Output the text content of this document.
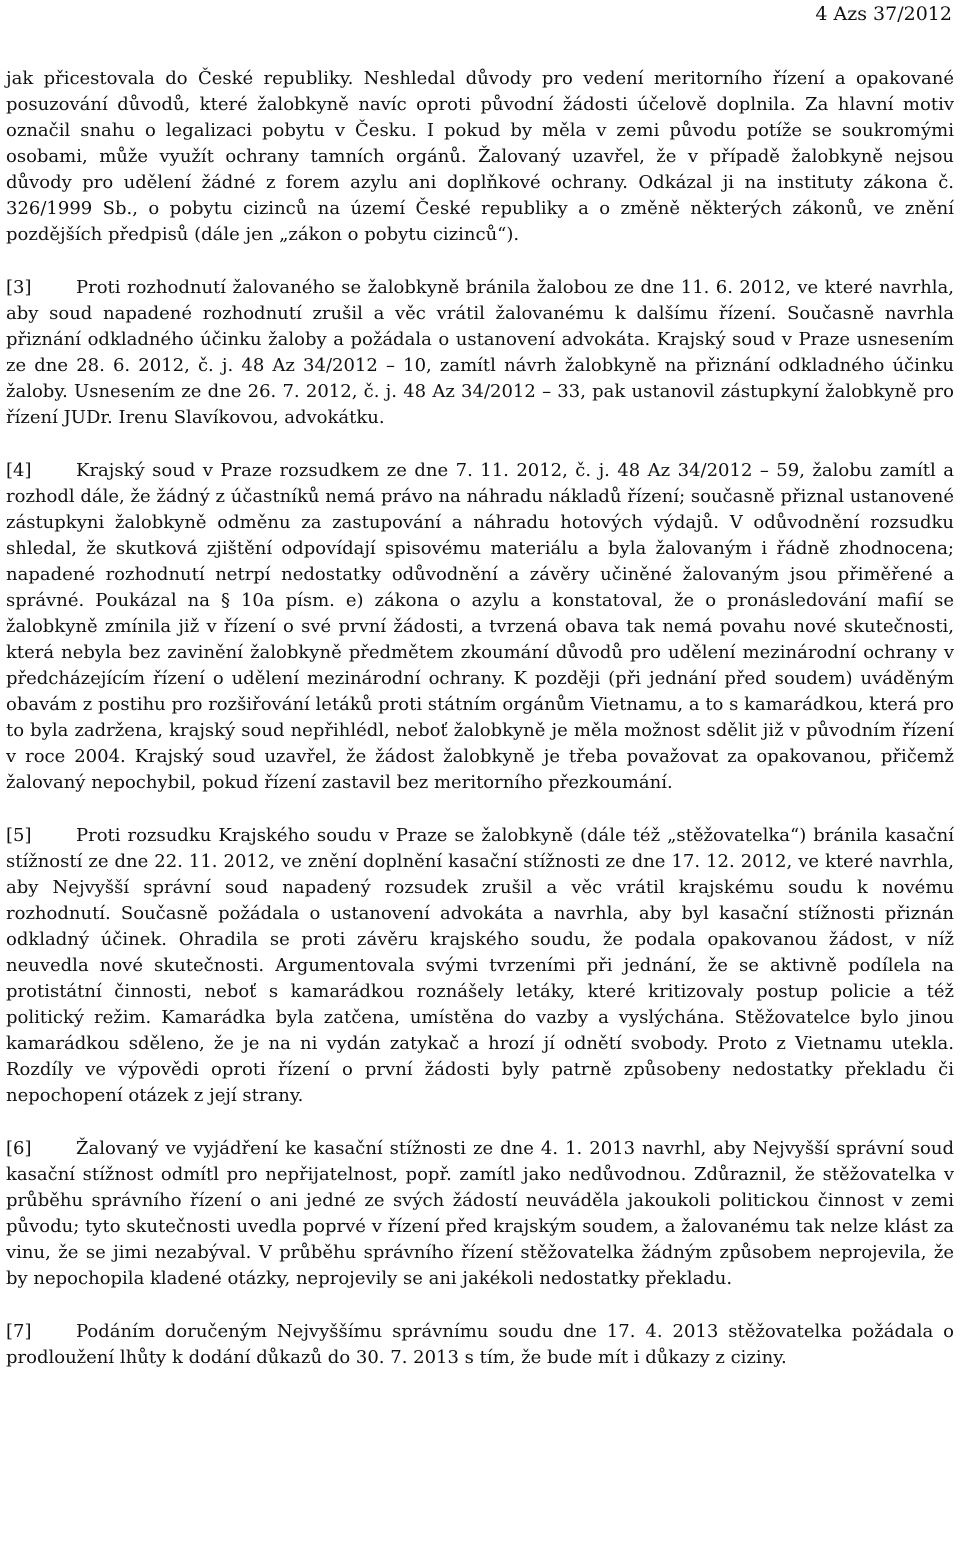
4 Azs 37/2012

jak přicestovala do České republiky. Neshledal důvody pro vedení meritorního řízení a opakované posuzování důvodů, které žalobkyně navíc oproti původní žádosti účelově doplnila. Za hlavní motiv označil snahu o legalizaci pobytu v Česku. I pokud by měla v zemi původu potíže se soukromými osobami, může využít ochrany tamních orgánů. Žalovaný uzavřel, že v případě žalobkyně nejsou důvody pro udělení žádné z forem azylu ani doplňkové ochrany. Odkázal ji na instituty zákona č. 326/1999 Sb., o pobytu cizinců na území České republiky a o změně některých zákonů, ve znění pozdějších předpisů (dále jen „zákon o pobytu cizinců“).

[3] Proti rozhodnutí žalovaného se žalobkyně bránila žalobou ze dne 11. 6. 2012, ve které navrhla, aby soud napadené rozhodnutí zrušil a věc vrátil žalovanému k dalšímu řízení. Současně navrhla přiznání odkladného účinku žaloby a požádala o ustanovení advokáta. Krajský soud v Praze usnesením ze dne 28. 6. 2012, č. j. 48 Az 34/2012 – 10, zamítl návrh žalobkyně na přiznání odkladného účinku žaloby. Usnesením ze dne 26. 7. 2012, č. j. 48 Az 34/2012 – 33, pak ustanovil zástupkyní žalobkyně pro řízení JUDr. Irenu Slavíkovou, advokátku.

[4] Krajský soud v Praze rozsudkem ze dne 7. 11. 2012, č. j. 48 Az 34/2012 – 59, žalobu zamítl a rozhodl dále, že žádný z účastníků nemá právo na náhradu nákladů řízení; současně přiznal ustanovené zástupkyni žalobkyně odměnu za zastupování a náhradu hotových výdajů. V odůvodnění rozsudku shledal, že skutková zjištění odpovídají spisovému materiálu a byla žalovaným i řádně zhodnocena; napadené rozhodnutí netrpí nedostatky odůvodnění a závěry učiněné žalovaným jsou přiměřené a správné. Poukázal na § 10a písm. e) zákona o azylu a konstatoval, že o pronásledování mafií se žalobkyně zmínila již v řízení o své první žádosti, a tvrzená obava tak nemá povahu nové skutečnosti, která nebyla bez zavinění žalobkyně předmětem zkoumání důvodů pro udělení mezinárodní ochrany v předcházejícím řízení o udělení mezinárodní ochrany. K později (při jednání před soudem) uváděným obavám z postihu pro rozšiřování letáků proti státním orgánům Vietnamu, a to s kamarádkou, která pro to byla zadržena, krajský soud nepřihlédl, neboť žalobkyně je měla možnost sdělit již v původním řízení v roce 2004. Krajský soud uzavřel, že žádost žalobkyně je třeba považovat za opakovanou, přičemž žalovaný nepochybil, pokud řízení zastavil bez meritorního přezkoumání.

[5] Proti rozsudku Krajského soudu v Praze se žalobkyně (dále též „stěžovatelka“) bránila kasační stížností ze dne 22. 11. 2012, ve znění doplnění kasační stížnosti ze dne 17. 12. 2012, ve které navrhla, aby Nejvyšší správní soud napadený rozsudek zrušil a věc vrátil krajskému soudu k novému rozhodnutí. Současně požádala o ustanovení advokáta a navrhla, aby byl kasační stížnosti přiznán odkladný účinek. Ohradila se proti závěru krajského soudu, že podala opakovanou žádost, v níž neuvedla nové skutečnosti. Argumentovala svými tvrzeními při jednání, že se aktivně podílela na protistátní činnosti, neboť s kamarádkou roznášely letáky, které kritizovaly postup policie a též politický režim. Kamarádka byla zatčena, umístěna do vazby a vyslýchána. Stěžovatelce bylo jinou kamarádkou sděleno, že je na ni vydán zatykač a hrozí jí odnětí svobody. Proto z Vietnamu utekla. Rozdíly ve výpovědi oproti řízení o první žádosti byly patrně způsobeny nedostatky překladu či nepochopení otázek z její strany.

[6] Žalovaný ve vyjádření ke kasační stížnosti ze dne 4. 1. 2013 navrhl, aby Nejvyšší správní soud kasační stížnost odmítl pro nepřijatelnost, popř. zamítl jako nedůvodnou. Zdůraznil, že stěžovatelka v průběhu správního řízení o ani jedné ze svých žádostí neuváděla jakoukoli politickou činnost v zemi původu; tyto skutečnosti uvedla poprvé v řízení před krajským soudem, a žalovanému tak nelze klást za vinu, že se jimi nezabýval. V průběhu správního řízení stěžovatelka žádným způsobem neprojevila, že by nepochopila kladené otázky, neprojevily se ani jakékoli nedostatky překladu.

[7] Podáním doručeným Nejvyššímu správnímu soudu dne 17. 4. 2013 stěžovatelka požádala o prodloužení lhůty k dodání důkazů do 30. 7. 2013 s tím, že bude mít i důkazy z ciziny.
